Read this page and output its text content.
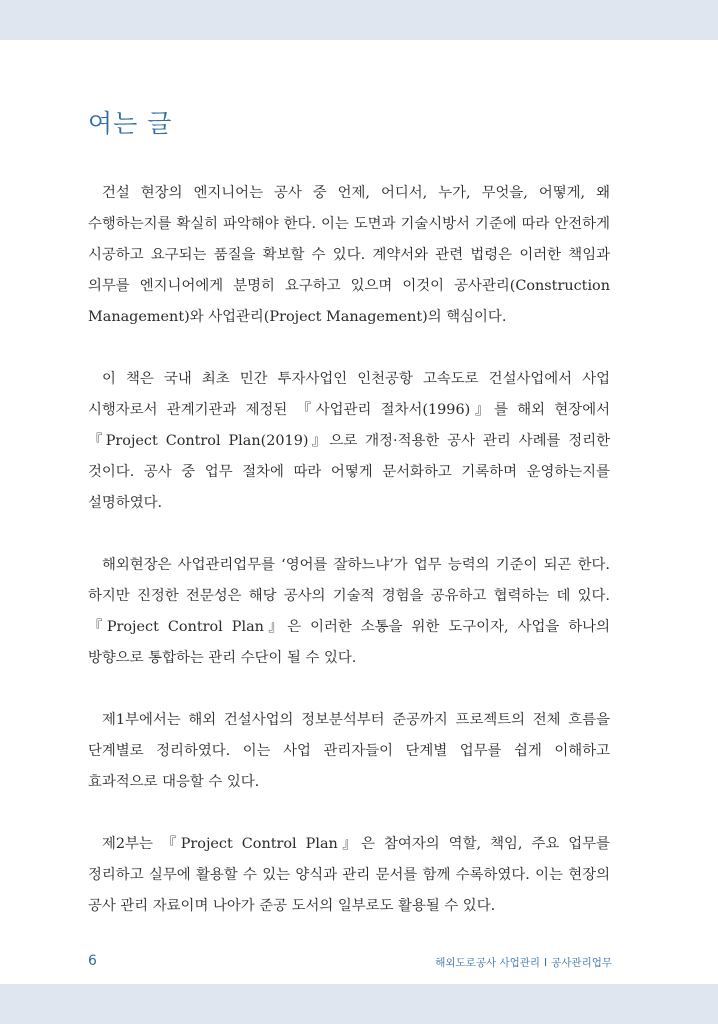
여는 글

건설 현장의 엔지니어는 공사 중 언제, 어디서, 누가, 무엇을, 어떻게, 왜 수행하는지를 확실히 파악해야 한다. 이는 도면과 기술시방서 기준에 따라 안전하게 시공하고 요구되는 품질을 확보할 수 있다. 계약서와 관련 법령은 이러한 책임과 의무를 엔지니어에게 분명히 요구하고 있으며 이것이 공사관리(Construction Management)와 사업관리(Project Management)의 핵심이다.

이 책은 국내 최초 민간 투자사업인 인천공항 고속도로 건설사업에서 사업 시행자로서 관계기관과 제정된 『사업관리 절차서(1996)』를 해외 현장에서 『Project Control Plan(2019)』으로 개정·적용한 공사 관리 사례를 정리한 것이다. 공사 중 업무 절차에 따라 어떻게 문서화하고 기록하며 운영하는지를 설명하였다.

해외현장은 사업관리업무를 ‘영어를 잘하느냐’가 업무 능력의 기준이 되곤 한다. 하지만 진정한 전문성은 해당 공사의 기술적 경험을 공유하고 협력하는 데 있다. 『Project Control Plan』은 이러한 소통을 위한 도구이자, 사업을 하나의 방향으로 통합하는 관리 수단이 될 수 있다.

제1부에서는 해외 건설사업의 정보분석부터 준공까지 프로젝트의 전체 흐름을 단계별로 정리하였다. 이는 사업 관리자들이 단계별 업무를 쉽게 이해하고 효과적으로 대응할 수 있다.

제2부는 『Project Control Plan』은 참여자의 역할, 책임, 주요 업무를 정리하고 실무에 활용할 수 있는 양식과 관리 문서를 함께 수록하였다. 이는 현장의 공사 관리 자료이며 나아가 준공 도서의 일부로도 활용될 수 있다.

6	해외도로공사 사업관리 I 공사관리업무
